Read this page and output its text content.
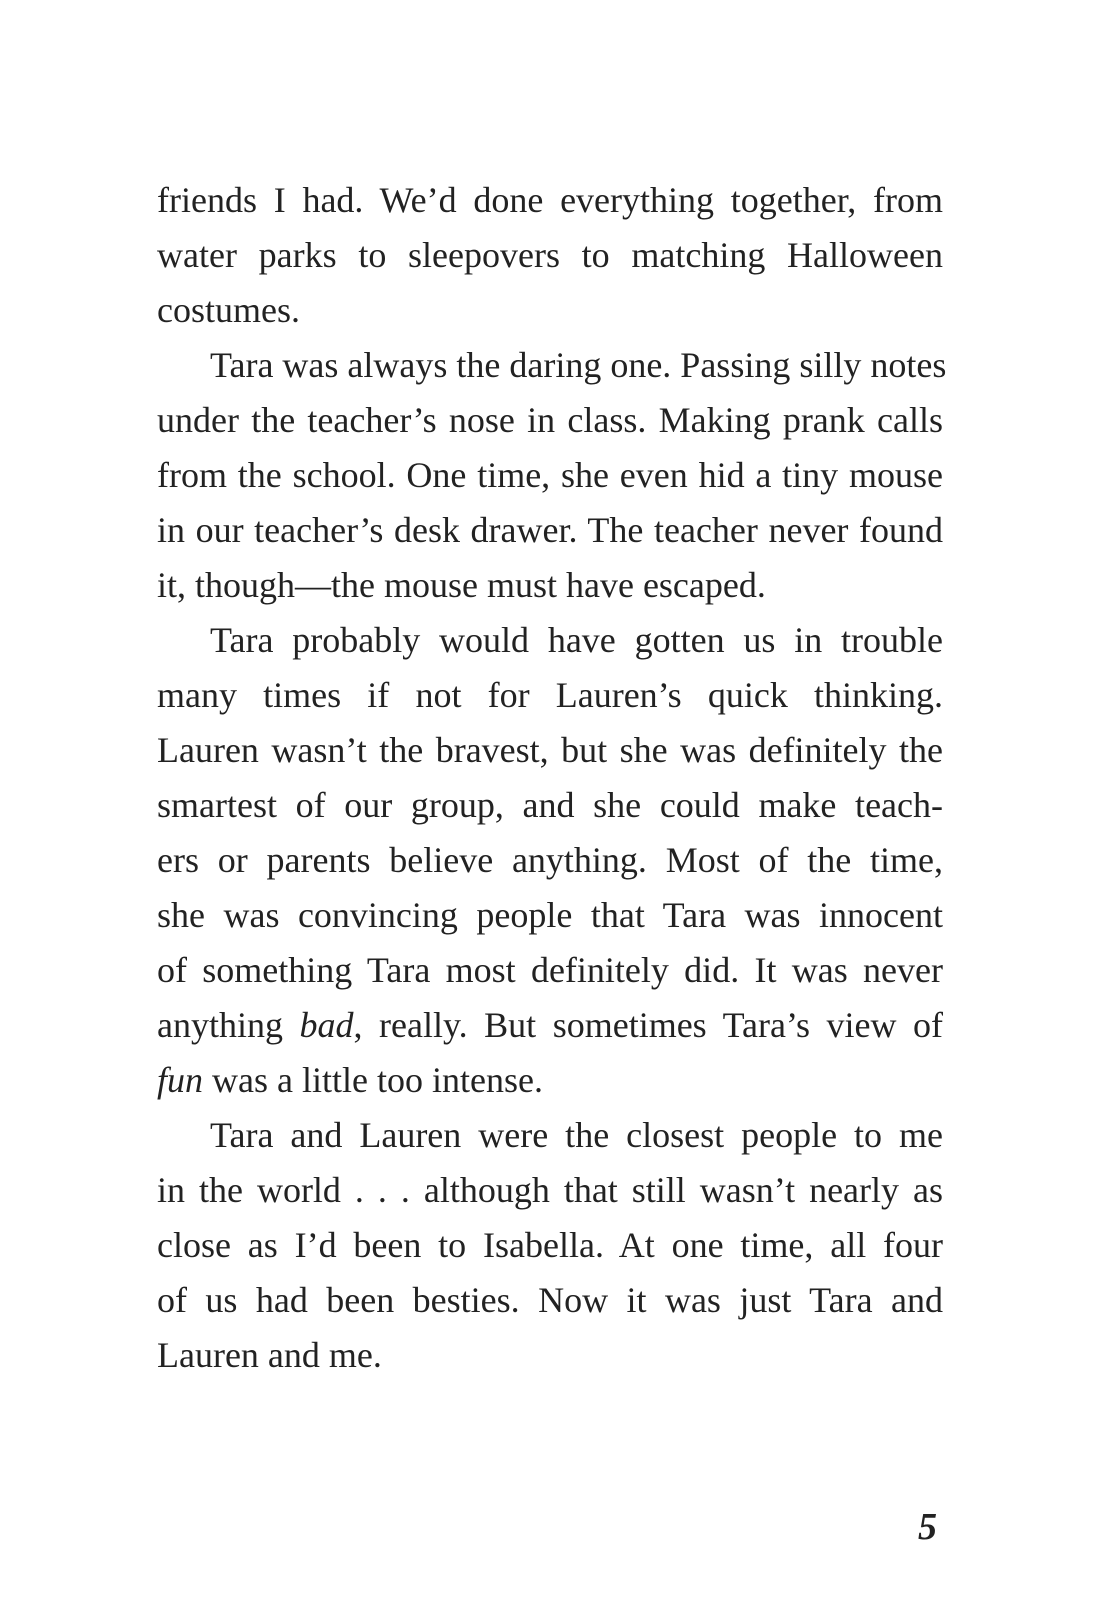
friends I had. We’d done everything together, from
water parks to sleepovers to matching Halloween
costumes.
Tara was always the daring one. Passing silly notes
under the teacher’s nose in class. Making prank calls
from the school. One time, she even hid a tiny mouse
in our teacher’s desk drawer. The teacher never found
it, though—the mouse must have escaped.
Tara probably would have gotten us in trouble
many times if not for Lauren’s quick thinking.
Lauren wasn’t the bravest, but she was definitely the
smartest of our group, and she could make teach-
ers or parents believe anything. Most of the time,
she was convincing people that Tara was innocent
of something Tara most definitely did. It was never
anything bad, really. But sometimes Tara’s view of
fun was a little too intense.
Tara and Lauren were the closest people to me
in the world . . . although that still wasn’t nearly as
close as I’d been to Isabella. At one time, all four
of us had been besties. Now it was just Tara and
Lauren and me.
5
